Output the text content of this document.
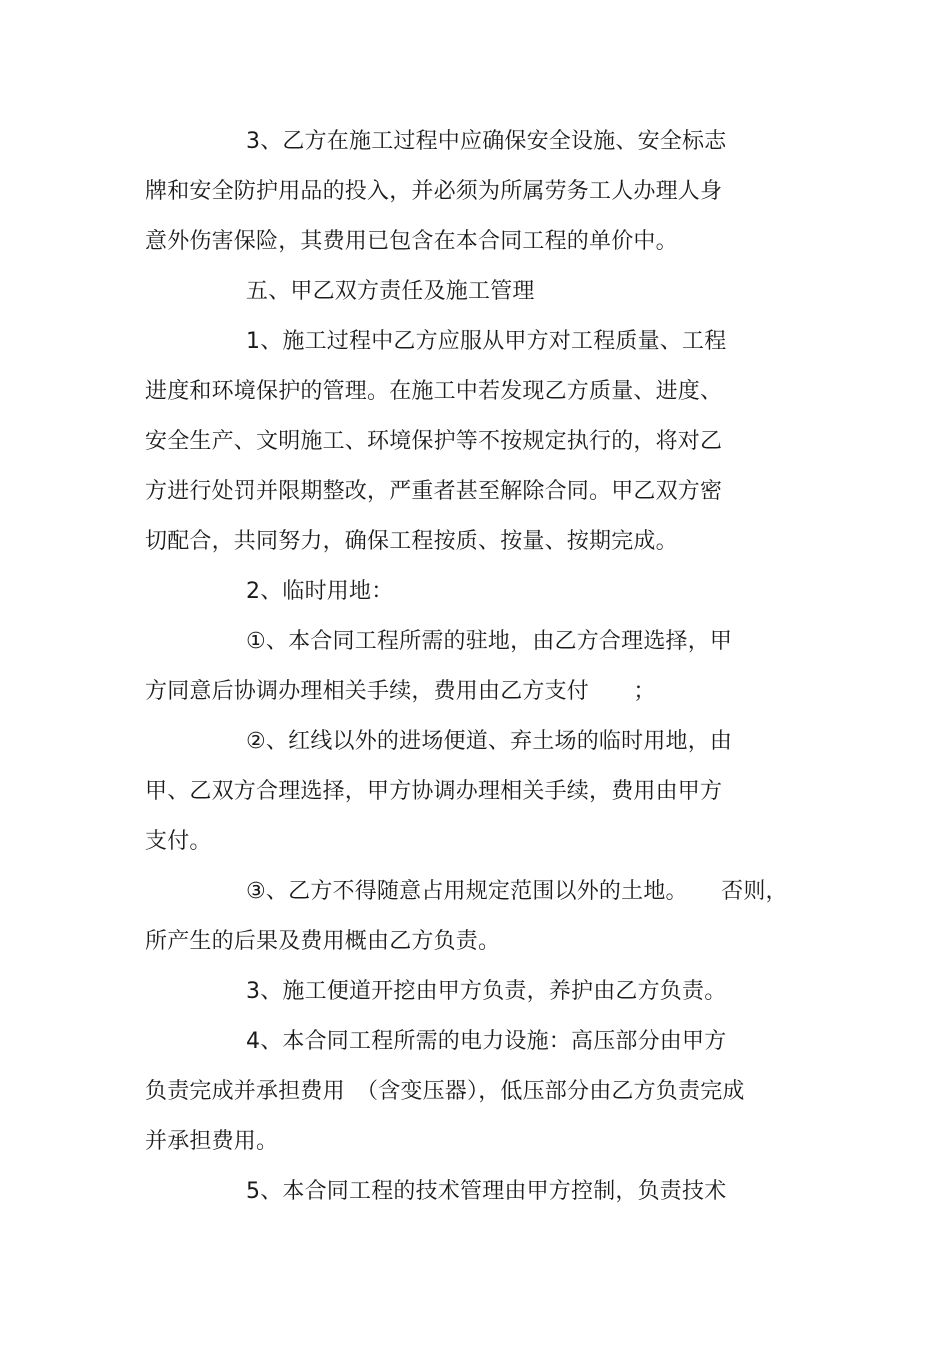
3、乙方在施工过程中应确保安全设施、安全标志
牌和安全防护用品的投入，并必须为所属劳务工人办理人身
意外伤害保险，其费用已包含在本合同工程的单价中。
五、甲乙双方责任及施工管理
1、施工过程中乙方应服从甲方对工程质量、工程
进度和环境保护的管理。在施工中若发现乙方质量、进度、
安全生产、文明施工、环境保护等不按规定执行的，将对乙
方进行处罚并限期整改，严重者甚至解除合同。甲乙双方密
切配合，共同努力，确保工程按质、按量、按期完成。
2、临时用地：
①、本合同工程所需的驻地，由乙方合理选择，甲
方同意后协调办理相关手续，费用由乙方支付　　；
②、红线以外的进场便道、弃土场的临时用地，由
甲、乙双方合理选择，甲方协调办理相关手续，费用由甲方
支付。
③、乙方不得随意占用规定范围以外的土地。　　否则，
所产生的后果及费用概由乙方负责。
3、施工便道开挖由甲方负责，养护由乙方负责。
4、本合同工程所需的电力设施：高压部分由甲方
负责完成并承担费用　（含变压器），低压部分由乙方负责完成
并承担费用。
5、本合同工程的技术管理由甲方控制，负责技术
